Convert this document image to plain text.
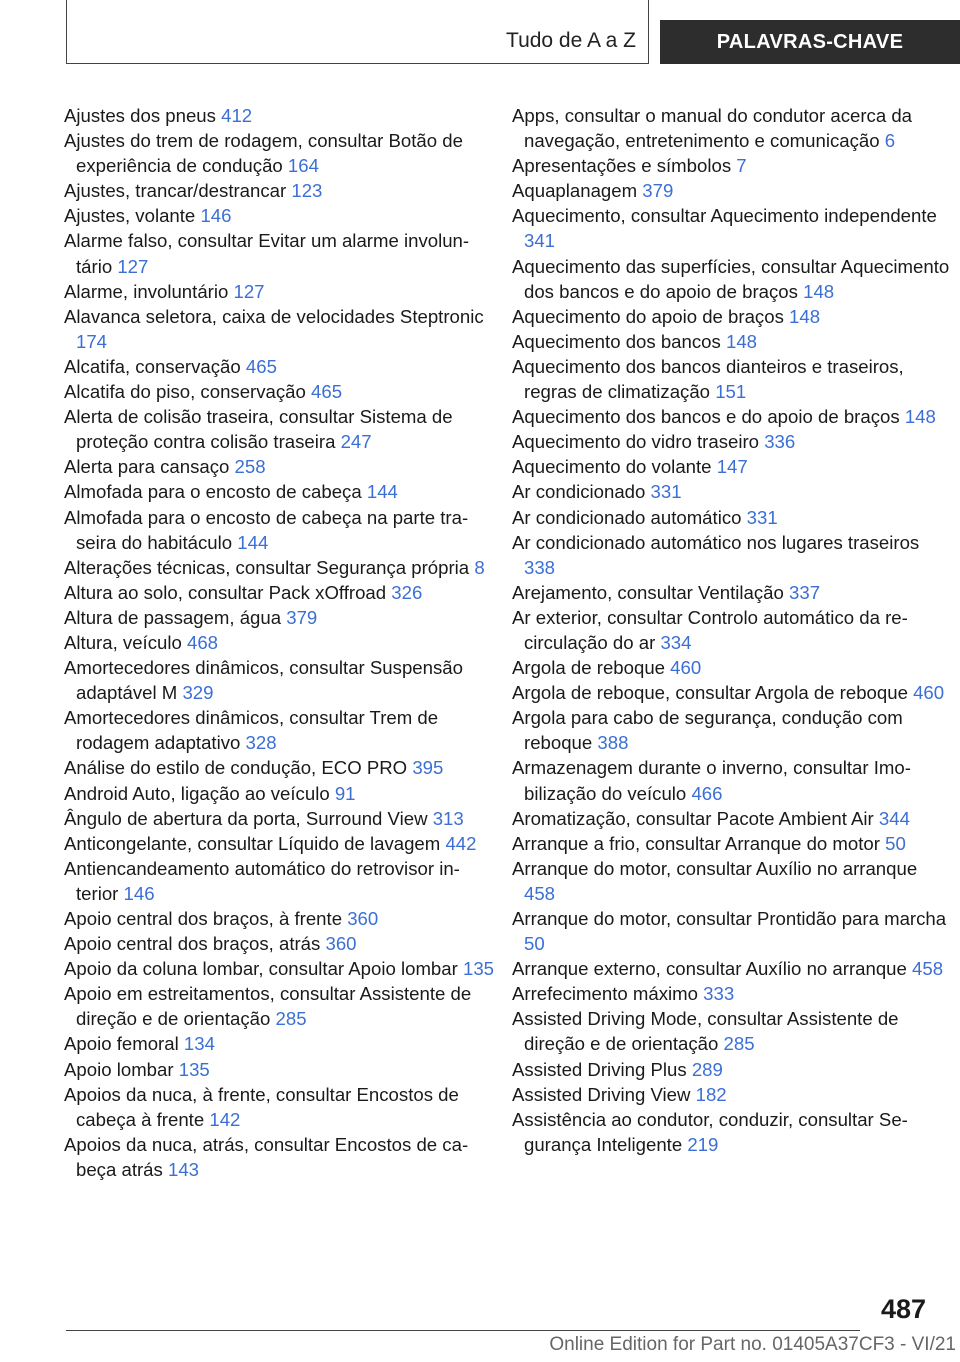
Tudo de A a Z	PALAVRAS-CHAVE
Ajustes dos pneus 412
Ajustes do trem de rodagem, consultar Botão de experiência de condução 164
Ajustes, trancar/destrancar 123
Ajustes, volante 146
Alarme falso, consultar Evitar um alarme involuntário 127
Alarme, involuntário 127
Alavanca seletora, caixa de velocidades Steptronic 174
Alcatifa, conservação 465
Alcatifa do piso, conservação 465
Alerta de colisão traseira, consultar Sistema de proteção contra colisão traseira 247
Alerta para cansaço 258
Almofada para o encosto de cabeça 144
Almofada para o encosto de cabeça na parte traseira do habitáculo 144
Alterações técnicas, consultar Segurança própria 8
Altura ao solo, consultar Pack xOffroad 326
Altura de passagem, água 379
Altura, veículo 468
Amortecedores dinâmicos, consultar Suspensão adaptável M 329
Amortecedores dinâmicos, consultar Trem de rodagem adaptativo 328
Análise do estilo de condução, ECO PRO 395
Android Auto, ligação ao veículo 91
Ângulo de abertura da porta, Surround View 313
Anticongelante, consultar Líquido de lavagem 442
Antiencandeamento automático do retrovisor interior 146
Apoio central dos braços, à frente 360
Apoio central dos braços, atrás 360
Apoio da coluna lombar, consultar Apoio lombar 135
Apoio em estreitamentos, consultar Assistente de direção e de orientação 285
Apoio femoral 134
Apoio lombar 135
Apoios da nuca, à frente, consultar Encostos de cabeça à frente 142
Apoios da nuca, atrás, consultar Encostos de cabeça atrás 143
Apps, consultar o manual do condutor acerca da navegação, entretenimento e comunicação 6
Apresentações e símbolos 7
Aquaplanagem 379
Aquecimento, consultar Aquecimento independente 341
Aquecimento das superfícies, consultar Aquecimento dos bancos e do apoio de braços 148
Aquecimento do apoio de braços 148
Aquecimento dos bancos 148
Aquecimento dos bancos dianteiros e traseiros, regras de climatização 151
Aquecimento dos bancos e do apoio de braços 148
Aquecimento do vidro traseiro 336
Aquecimento do volante 147
Ar condicionado 331
Ar condicionado automático 331
Ar condicionado automático nos lugares traseiros 338
Arejamento, consultar Ventilação 337
Ar exterior, consultar Controlo automático da recirculação do ar 334
Argola de reboque 460
Argola de reboque, consultar Argola de reboque 460
Argola para cabo de segurança, condução com reboque 388
Armazenagem durante o inverno, consultar Imobilização do veículo 466
Aromatização, consultar Pacote Ambient Air 344
Arranque a frio, consultar Arranque do motor 50
Arranque do motor, consultar Auxílio no arranque 458
Arranque do motor, consultar Prontidão para marcha 50
Arranque externo, consultar Auxílio no arranque 458
Arrefecimento máximo 333
Assisted Driving Mode, consultar Assistente de direção e de orientação 285
Assisted Driving Plus 289
Assisted Driving View 182
Assistência ao condutor, conduzir, consultar Segurança Inteligente 219
487
Online Edition for Part no. 01405A37CF3 - VI/21
